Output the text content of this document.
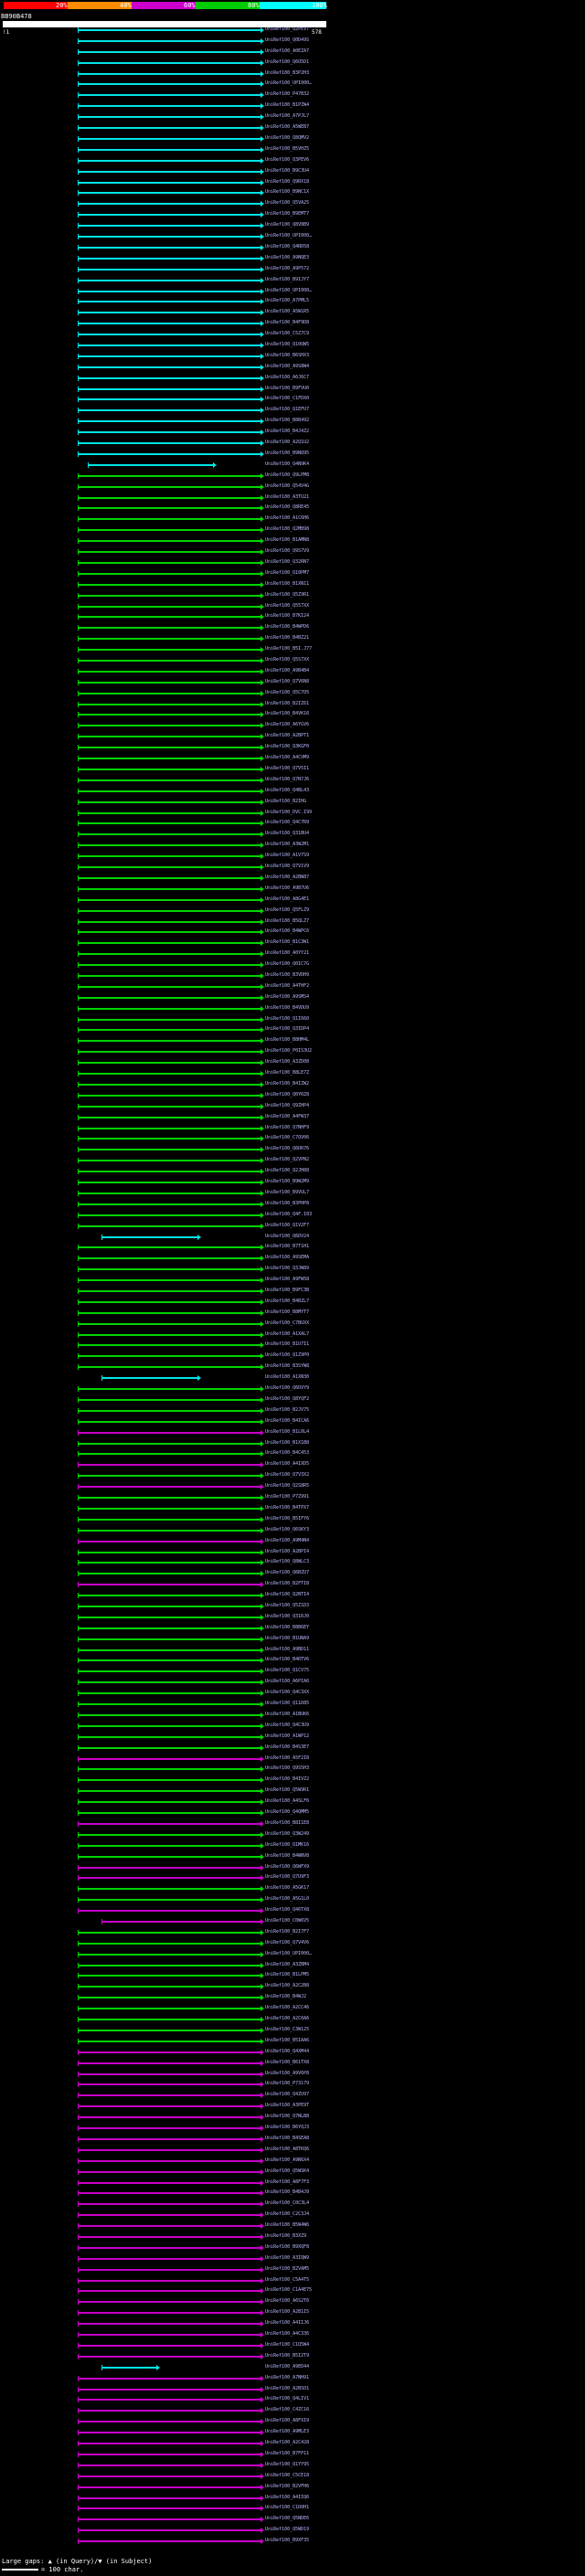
20%	40%	60%	80%	100%
BB90B478
!1	578
UniRef100_Q2PEV7
UniRef100_Q0D49S
UniRef100_A0EZA7
UniRef100_Q6O5D1
UniRef100_B3P2H3
UniRef100_UPI000…
UniRef100_P47B32
UniRef100_B1PZW4
UniRef100_A7PJL7
UniRef100_A5WEB7
UniRef100_Q8QMV2
UniRef100_B5VHZ5
UniRef100_Q3PEV6
UniRef100_B9C3U4
UniRef100_Q9RX18
UniRef100_B9NC1X
UniRef100_Q5VA25
UniRef100_B9EMT7
UniRef100_Q8V8B9
UniRef100_UPI000…
UniRef100_Q4RD58
UniRef100_A9NQE3
UniRef100_A9P572
UniRef100_B9IJY7
UniRef100_UPI000…
UniRef100_A7PML5
UniRef100_A5W1R5
UniRef100_B4F9D8
UniRef100_C5Z7C9
UniRef100_Q10QW5
UniRef100_B6SHX3
UniRef100_A9S8W4
UniRef100_A6J6C7
UniRef100_B9FVU0
UniRef100_C1FDX0
UniRef100_Q1EFU7
UniRef100_B8B492
UniRef100_B4J4Z2
UniRef100_A2Q1U2
UniRef100_B9NQ95
UniRef100_Q4N9K4
UniRef100_Q9LPM8
UniRef100_Q54V4G
UniRef100_A3TU21
UniRef100_Q8RE45
UniRef100_A1C6H6
UniRef100_Q2MB98
UniRef100_B1AMN8
UniRef100_Q9S7V9
UniRef100_Q32RN7
UniRef100_Q10PM7
UniRef100_B1XN11
UniRef100_Q5Z9R1
UniRef100_Q557XX
UniRef100_B7KI24
UniRef100_B4WPD6
UniRef100_B4BZ21
UniRef100_B5I.J77
UniRef100_Q5S7XX
UniRef100_A9B4B4
UniRef100_Q7V6N8
UniRef100_Q5C7O5
UniRef100_B2IZ61
UniRef100_B4VK16
UniRef100_A6YGV6
UniRef100_A2BPT1
UniRef100_Q3KGF0
UniRef100_A4CVM9
UniRef100_Q7V5I1
UniRef100_Q7N7J6
UniRef100_Q4BL43
UniRef100_B2IHG
UniRef100_DVC.I99
UniRef100_Q4C7R9
UniRef100_Q31BU4
UniRef100_A3W2M1
UniRef100_A1V7S9
UniRef100_Q7V1V9
UniRef100_A2BW87
UniRef100_A9B7U6
UniRef100_A8G4E1
UniRef100_Q5FLZ9
UniRef100_B5QLZ7
UniRef100_B4WPC6
UniRef100_B1C3W1
UniRef100_A0YY21
UniRef100_Q0IC7G
UniRef100_B3VDH9
UniRef100_A4THF2
UniRef100_A9SMS4
UniRef100_B4VDU9
UniRef100_Q1I660
UniRef100_Q3IDP4
UniRef100_B8HM4L
UniRef100_P0IS3U2
UniRef100_A3ZD08
UniRef100_B8LE7Z
UniRef100_B4IZW2
UniRef100_Q0YRZ8
UniRef100_Q9ZHP4
UniRef100_A4FW37
UniRef100_Q7NHF9
UniRef100_C7QV06
UniRef100_Q6DR76
UniRef100_Q2VPN2
UniRef100_Q2JH88
UniRef100_B9W2M9
UniRef100_B9VUL7
UniRef100_B3PHP8
UniRef100_Q4F.I83
UniRef100_Q1V2F7
UniRef100_Q6DV24
UniRef100_B7T1H1
UniRef100_A9SEMA
UniRef100_Q3JW89
UniRef100_A9FW58
UniRef100_B9FC3B
UniRef100_B4BZL7
UniRef100_B8MYT7
UniRef100_C7BUXX
UniRef100_A1XAL7
UniRef100_B1U7I1
UniRef100_Q1Z9P0
UniRef100_B3SYW8
UniRef100_A1XN30
UniRef100_Q6DVY9
UniRef100_Q8YQF2
UniRef100_B2JV75
UniRef100_B4ICA6
UniRef100_B1L0L4
UniRef100_B1X1B8
UniRef100_B4C453
UniRef100_A4IXD5
UniRef100_Q7V3X2
UniRef100_Q2S8R5
UniRef100_P7Z991
UniRef100_B4TPX7
UniRef100_B5IFY6
UniRef100_Q6SKY3
UniRef100_A9M4N4
UniRef100_A2BPI4
UniRef100_Q8WLC3
UniRef100_Q6BZU7
UniRef100_B2FTI8
UniRef100_Q2NTI4
UniRef100_Q5Z1D3
UniRef100_Q31RJ0
UniRef100_B8B6EY
UniRef100_B1UNA9
UniRef100_A9BD11
UniRef100_B4RTV6
UniRef100_Q1CV75
UniRef100_A6PIA6
UniRef100_Q4C3XX
UniRef100_Q11D85
UniRef100_A1BUK6
UniRef100_Q4C3U9
UniRef100_A1WP12
UniRef100_B4S3E7
UniRef100_A5F2I8
UniRef100_Q9S5H3
UniRef100_B4IVZ2
UniRef100_Q5W9R1
UniRef100_A4SLF6
UniRef100_Q4QMM5
UniRef100_B8I1E8
UniRef100_Q3W249
UniRef100_Q1MK16
UniRef100_B4WNV8
UniRef100_Q6WFX9
UniRef100_Q7U9F3
UniRef100_A5GK17
UniRef100_A5G1L0
UniRef100_Q46TX8
UniRef100_C0W6V5
UniRef100_B2I7F7
UniRef100_Q7V4V6
UniRef100_UPI000…
UniRef100_A3ZBM4
UniRef100_B1LPM5
UniRef100_A2C2B8
UniRef100_B4WJ2
UniRef100_A2CC46
UniRef100_A2C0A6
UniRef100_C3W125
UniRef100_B5IAA6
UniRef100_Q4XM44
UniRef100_B61TX8
UniRef100_A9V6P8
UniRef100_P73179
UniRef100_Q4ZU97
UniRef100_A3PE9T
UniRef100_Q7NLB8
UniRef100_B6YQJ3
UniRef100_B4SEA8
UniRef100_A8TKQ6
UniRef100_A9N6X4
UniRef100_Q5WSK4
UniRef100_A8F7F3
UniRef100_B4B4J9
UniRef100_C0C3L4
UniRef100_C2C3J4
UniRef100_B5W4W6
UniRef100_B3XZ9
UniRef100_B9XQF8
UniRef100_A3IQW9
UniRef100_B2VAM5
UniRef100_C5A4T5
UniRef100_C1A4E75
UniRef100_A6S2T6
UniRef100_A2B1I5
UniRef100_A4IIJ6
UniRef100_A4C336
UniRef100_C1Q5W4
UniRef100_B5I2T9
UniRef100_A9ED44
UniRef100_A7NH91
UniRef100_A2BSO1
UniRef100_Q4LIV1
UniRef100_C4ZC16
UniRef100_A8FXI9
UniRef100_A9MLE3
UniRef100_A2C428
UniRef100_B7FP11
UniRef100_Q1YY95
UniRef100_C5CE18
UniRef100_B2VFH6
UniRef100_A4IIQ6
UniRef100_C1D0H1
UniRef100_Q5NDE6
UniRef100_Q5WD19
UniRef100_B9XF35
Large gaps: ▲ (in Query)/▼ (in Subject)
= 100 char.
